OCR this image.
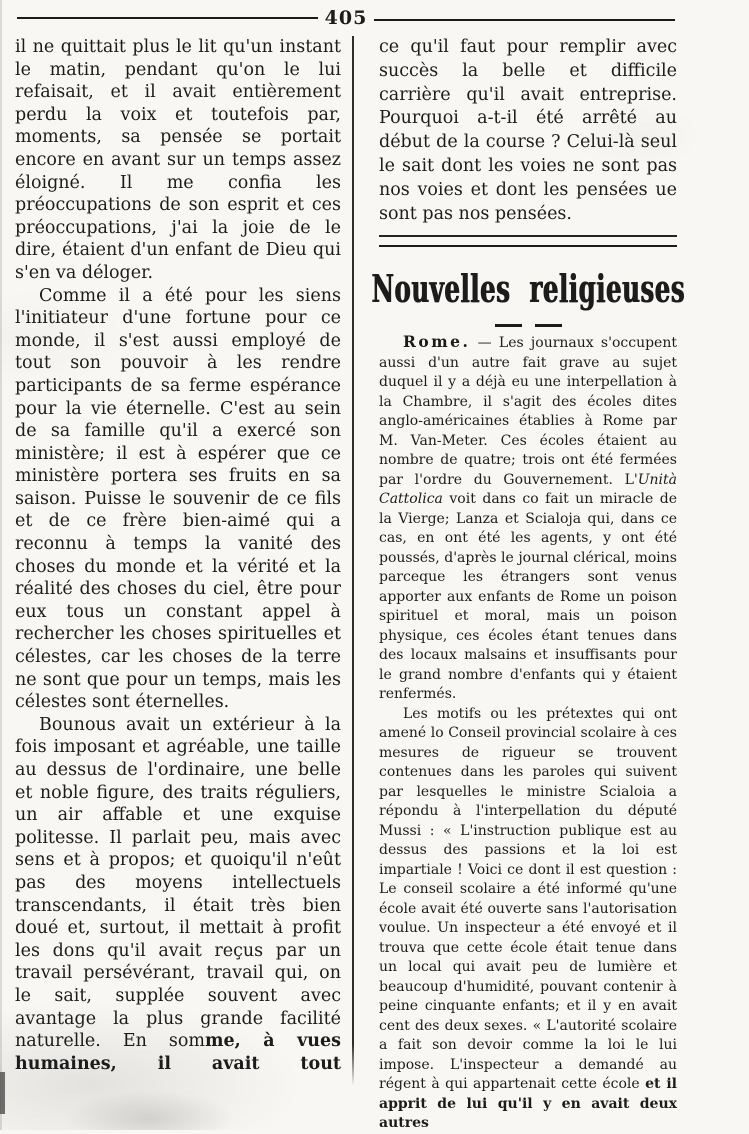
405

il ne quittait plus le lit qu'un instant le matin, pendant qu'on le lui refaisait, et il avait entièrement perdu la voix et toutefois par, moments, sa pensée se portait encore en avant sur un temps assez éloigné. Il me confia les préoccupations de son esprit et ces préoccupations, j'ai la joie de le dire, étaient d'un enfant de Dieu qui s'en va déloger.

Comme il a été pour les siens l'initiateur d'une fortune pour ce monde, il s'est aussi employé de tout son pouvoir à les rendre participants de sa ferme espérance pour la vie éternelle. C'est au sein de sa famille qu'il a exercé son ministère; il est à espérer que ce ministère portera ses fruits en sa saison. Puisse le souvenir de ce fils et de ce frère bien-aimé qui a reconnu à temps la vanité des choses du monde et la vérité et la réalité des choses du ciel, être pour eux tous un constant appel à rechercher les choses spirituelles et célestes, car les choses de la terre ne sont que pour un temps, mais les célestes sont éternelles.

Bounous avait un extérieur à la fois imposant et agréable, une taille au dessus de l'ordinaire, une belle et noble figure, des traits réguliers, un air affable et une exquise politesse. Il parlait peu, mais avec sens et à propos; et quoiqu'il n'eût pas des moyens intellectuels transcendants, il était très bien doué et, surtout, il mettait à profit les dons qu'il avait reçus par un travail persévérant, travail qui, on le sait, supplée souvent avec avantage la plus grande facilité naturelle. En somme, à vues humaines, il avait tout

ce qu'il faut pour remplir avec succès la belle et difficile carrière qu'il avait entreprise. Pourquoi a-t-il été arrêté au début de la course ? Celui-là seul le sait dont les voies ne sont pas nos voies et dont les pensées ue sont pas nos pensées.

Nouvelles religieuses

Rome. — Les journaux s'occupent aussi d'un autre fait grave au sujet duquel il y a déjà eu une interpellation à la Chambre, il s'agit des écoles dites anglo-américaines établies à Rome par M. Van-Meter. Ces écoles étaient au nombre de quatre; trois ont été fermées par l'ordre du Gouvernement. L'Unità Cattolica voit dans co fait un miracle de la Vierge; Lanza et Scialoja qui, dans ce cas, en ont été les agents, y ont été poussés, d'après le journal clérical, moins parceque les étrangers sont venus apporter aux enfants de Rome un poison spirituel et moral, mais un poison physique, ces écoles étant tenues dans des locaux malsains et insuffisants pour le grand nombre d'enfants qui y étaient renfermés.

Les motifs ou les prétextes qui ont amené lo Conseil provincial scolaire à ces mesures de rigueur se trouvent contenues dans les paroles qui suivent par lesquelles le ministre Scialoia a répondu à l'interpellation du député Mussi : « L'instruction publique est au dessus des passions et la loi est impartiale ! Voici ce dont il est question : Le conseil scolaire a été informé qu'une école avait été ouverte sans l'autorisation voulue. Un inspecteur a été envoyé et il trouva que cette école était tenue dans un local qui avait peu de lumière et beaucoup d'humidité, pouvant contenir à peine cinquante enfants; et il y en avait cent des deux sexes. « L'autorité scolaire a fait son devoir comme la loi le lui impose. L'inspecteur a demandé au régent à qui appartenait cette école et il apprit de lui qu'il y en avait deux autres
